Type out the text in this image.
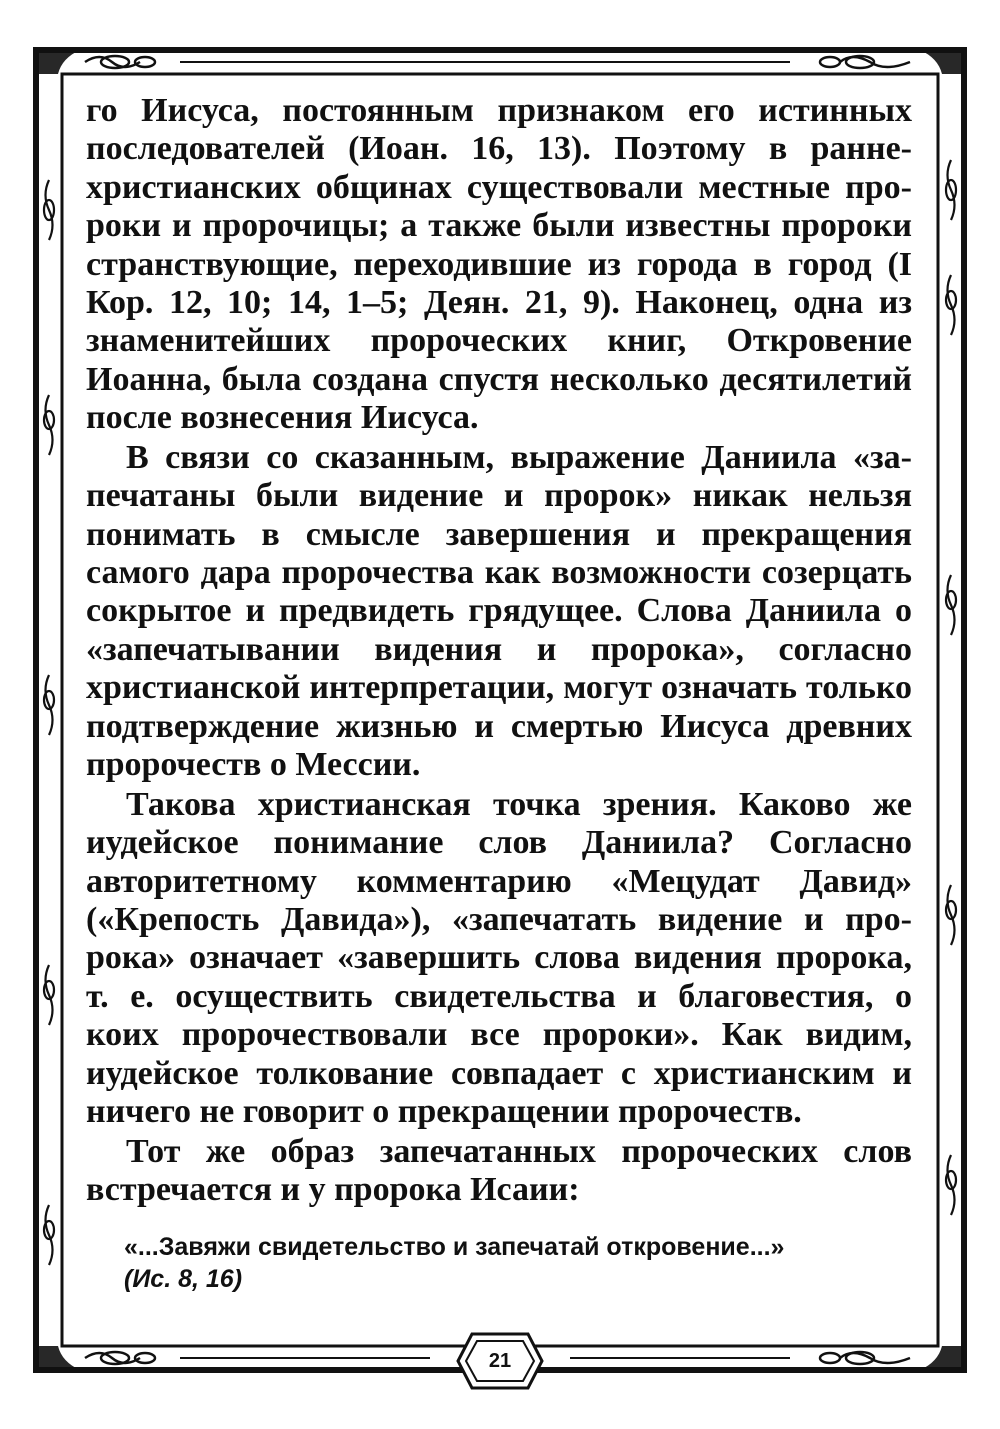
го Иисуса, постоянным признаком его истинных последователей (Иоан. 16, 13). Поэтому в раннехристианских общинах существовали местные пророки и пророчицы; а также были известны пророки странствующие, переходившие из города в город (I Кор. 12, 10; 14, 1–5; Деян. 21, 9). Наконец, одна из знаменитейших пророческих книг, Откровение Иоанна, была создана спустя несколько десятилетий после вознесения Иисуса.

В связи со сказанным, выражение Даниила «запечатаны были видение и пророк» никак нельзя понимать в смысле завершения и прекращения самого дара пророчества как возможности созерцать сокрытое и предвидеть грядущее. Слова Даниила о «запечатывании видения и пророка», согласно христианской интерпретации, могут означать только подтверждение жизнью и смертью Иисуса древних пророчеств о Мессии.

Такова христианская точка зрения. Каково же иудейское понимание слов Даниила? Согласно авторитетному комментарию «Мецудат Давид» («Крепость Давида»), «запечатать видение и пророка» означает «завершить слова видения пророка, т. е. осуществить свидетельства и благовестия, о коих пророчествовали все пророки». Как видим, иудейское толкование совпадает с христианским и ничего не говорит о прекращении пророчеств.

Тот же образ запечатанных пророческих слов встречается и у пророка Исаии:

«...Завяжи свидетельство и запечатай откровение...»
(Ис. 8, 16)
21
